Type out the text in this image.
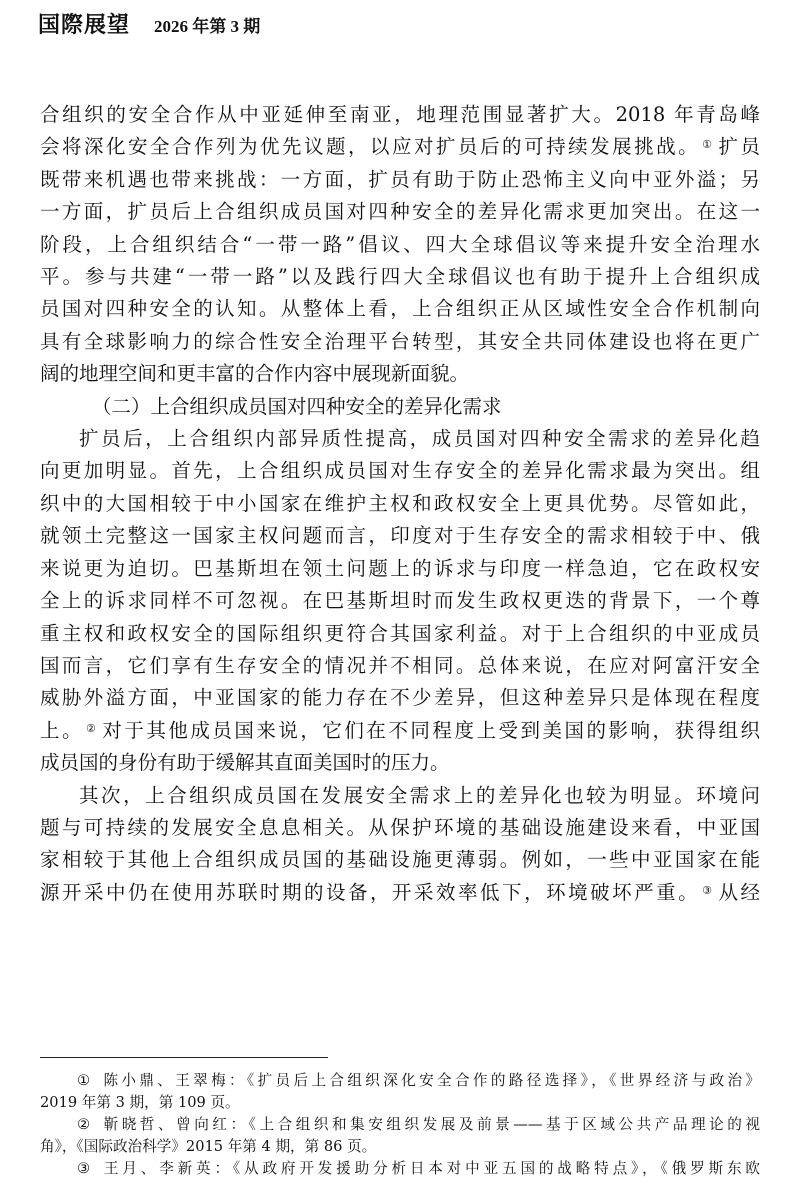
国際展望 2026 年第 3 期
合组织的安全合作从中亚延伸至南亚，地理范围显著扩大。2018 年青岛峰
会将深化安全合作列为优先议题，以应对扩员后的可持续发展挑战。 ① 扩员
既带来机遇也带来挑战：一方面，扩员有助于防止恐怖主义向中亚外溢；另
一方面，扩员后上合组织成员国对四种安全的差异化需求更加突出。在这一
阶段，上合组织结合“一带一路”倡议、四大全球倡议等来提升安全治理水
平。参与共建“一带一路”以及践行四大全球倡议也有助于提升上合组织成
员国对四种安全的认知。从整体上看，上合组织正从区域性安全合作机制向
具有全球影响力的综合性安全治理平台转型，其安全共同体建设也将在更广
阔的地理空间和更丰富的合作内容中展现新面貌。
（二）上合组织成员国对四种安全的差异化需求
扩员后，上合组织内部异质性提高，成员国对四种安全需求的差异化趋
向更加明显。首先，上合组织成员国对生存安全的差异化需求最为突出。组
织中的大国相较于中小国家在维护主权和政权安全上更具优势。尽管如此，
就领土完整这一国家主权问题而言，印度对于生存安全的需求相较于中、俄
来说更为迫切。巴基斯坦在领土问题上的诉求与印度一样急迫，它在政权安
全上的诉求同样不可忽视。在巴基斯坦时而发生政权更迭的背景下，一个尊
重主权和政权安全的国际组织更符合其国家利益。对于上合组织的中亚成员
国而言，它们享有生存安全的情况并不相同。总体来说，在应对阿富汗安全
威胁外溢方面，中亚国家的能力存在不少差异，但这种差异只是体现在程度
上。 ② 对于其他成员国来说，它们在不同程度上受到美国的影响，获得组织
成员国的身份有助于缓解其直面美国时的压力。
其次，上合组织成员国在发展安全需求上的差异化也较为明显。环境问
题与可持续的发展安全息息相关。从保护环境的基础设施建设来看，中亚国
家相较于其他上合组织成员国的基础设施更薄弱。例如，一些中亚国家在能
源开采中仍在使用苏联时期的设备，开采效率低下，环境破坏严重。 ③ 从经
① 陈小鼎、王翠梅：《扩员后上合组织深化安全合作的路径选择》，《世界经济与政治》
2019 年第 3 期，第 109 页。
② 靳晓哲、曾向红：《上合组织和集安组织发展及前景——基于区域公共产品理论的视
角》，《国际政治科学》2015 年第 4 期，第 86 页。
③ 王月、李新英：《从政府开发援助分析日本对中亚五国的战略特点》，《俄罗斯东欧
